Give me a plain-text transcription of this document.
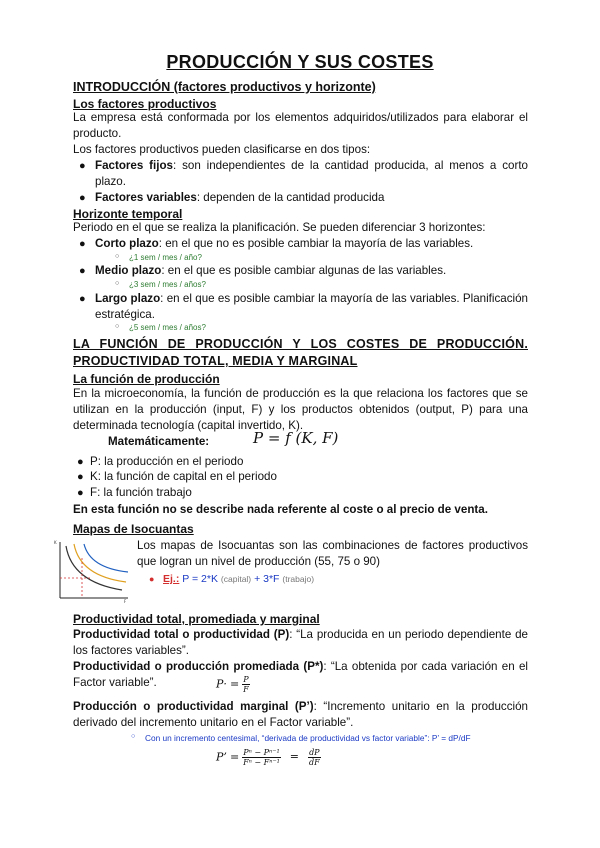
PRODUCCIÓN Y SUS COSTES
INTRODUCCIÓN (factores productivos y horizonte)
Los factores productivos
La empresa está conformada por los elementos adquiridos/utilizados para elaborar el producto.
Los factores productivos pueden clasificarse en dos tipos:
● Factores fijos: son independientes de la cantidad producida, al menos a corto plazo.
● Factores variables: dependen de la cantidad producida
Horizonte temporal
Periodo en el que se realiza la planificación. Se pueden diferenciar 3 horizontes:
● Corto plazo: en el que no es posible cambiar la mayoría de las variables.
○ ¿1 sem / mes / año?
● Medio plazo: en el que es posible cambiar algunas de las variables.
○ ¿3 sem / mes / años?
● Largo plazo: en el que es posible cambiar la mayoría de las variables. Planificación estratégica.
○ ¿5 sem / mes / años?
LA FUNCIÓN DE PRODUCCIÓN Y LOS COSTES DE PRODUCCIÓN. PRODUCTIVIDAD TOTAL, MEDIA Y MARGINAL
La función de producción
En la microeconomía, la función de producción es la que relaciona los factores que se utilizan en la producción (input, F) y los productos obtenidos (output, P) para una determinada tecnología (capital invertido, K).
Matemáticamente:	P = f (K, F)
● P: la producción en el periodo
● K: la función de capital en el periodo
● F: la función trabajo
En esta función no se describe nada referente al coste o al precio de venta.
Mapas de Isocuantas
K
F
Los mapas de Isocuantas son las combinaciones de factores productivos que logran un nivel de producción (55, 75 o 90)
● Ej.: P = 2*K (capital) + 3*F (trabajo)
Productividad total, promediada y marginal
Productividad total o productividad (P): “La producida en un periodo dependiente de los factores variables”.
Productividad o producción promediada (P*): “La obtenida por cada variación en el Factor variable”.	$P\cdot = \frac{P}{F}$
Producción o productividad marginal (P’): “Incremento unitario en la producción derivado del incremento unitario en el Factor variable”.
○ Con un incremento centesimal, “derivada de productividad vs factor variable”: P’ = dP/dF
P’ = $\frac{\text{Pⁿ − Pⁿ⁻¹}}{\text{Fⁿ − Fⁿ⁻¹}} = \frac{dP}{dF}$
